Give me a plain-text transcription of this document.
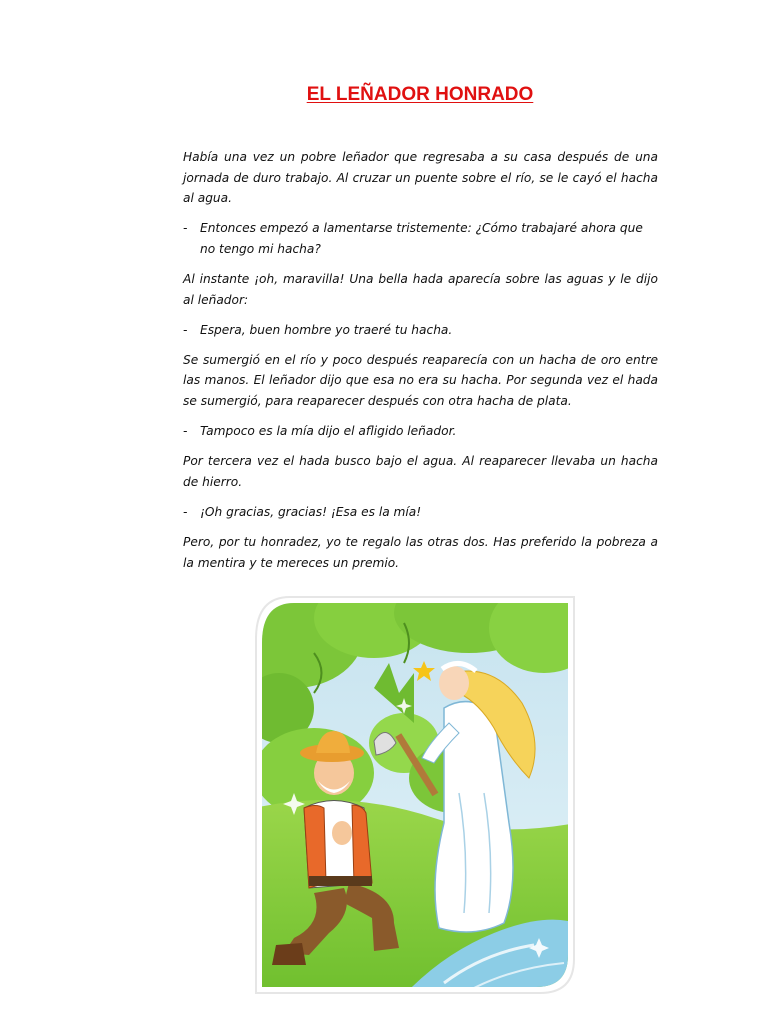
EL LEÑADOR HONRADO

Había una vez un pobre leñador que regresaba a su casa después de una jornada de duro trabajo. Al cruzar un puente sobre el río, se le cayó el hacha al agua.

- Entonces empezó a lamentarse tristemente: ¿Cómo trabajaré ahora que no tengo mi hacha?

Al instante ¡oh, maravilla! Una bella hada aparecía sobre las aguas y le dijo al leñador:

- Espera, buen hombre yo traeré tu hacha.

Se sumergió en el río y poco después reaparecía con un hacha de oro entre las manos. El leñador dijo que esa no era su hacha. Por segunda vez el hada se sumergió, para reaparecer después con otra hacha de plata.

- Tampoco es la mía dijo el afligido leñador.

Por tercera vez el hada busco bajo el agua. Al reaparecer llevaba un hacha de hierro.

- ¡Oh gracias, gracias! ¡Esa es la mía!

Pero, por tu honradez, yo te regalo las otras dos. Has preferido la pobreza a la mentira y te mereces un premio.
